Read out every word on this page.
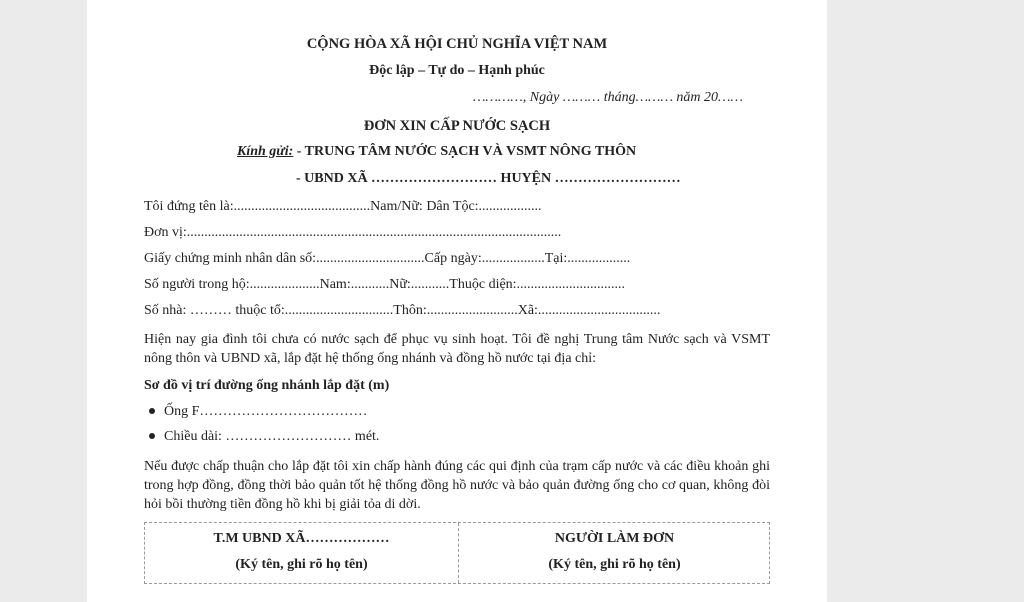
CỘNG HÒA XÃ HỘI CHỦ NGHĨA VIỆT NAM
Độc lập – Tự do – Hạnh phúc
…………, Ngày ……… tháng……… năm 20……
ĐƠN XIN CẤP NƯỚC SẠCH
Kính gửi: - TRUNG TÂM NƯỚC SẠCH VÀ VSMT NÔNG THÔN
- UBND XÃ ……………………… HUYỆN ………………………
Tôi đứng tên là:.......................................Nam/Nữ: Dân Tộc:..................
Đơn vị:...........................................................................................................
Giấy chứng minh nhân dân số:...............................Cấp ngày:..................Tại:..................
Số người trong hộ:....................Nam:...........Nữ:...........Thuộc diện:...............................
Số nhà: ……… thuộc tổ:...............................Thôn:..........................Xã:...................................
Hiện nay gia đình tôi chưa có nước sạch để phục vụ sinh hoạt. Tôi đề nghị Trung tâm Nước sạch và VSMT nông thôn và UBND xã, lắp đặt hệ thống ống nhánh và đồng hồ nước tại địa chỉ:
Sơ đồ vị trí đường ống nhánh lắp đặt (m)
Ống F………………………………
Chiều dài: ……………………… mét.
Nếu được chấp thuận cho lắp đặt tôi xin chấp hành đúng các qui định của trạm cấp nước và các điều khoản ghi trong hợp đồng, đồng thời bảo quản tốt hệ thống đồng hồ nước và bảo quản đường ống cho cơ quan, không đòi hỏi bồi thường tiền đồng hồ khi bị giải tỏa di dời.
T.M UBND XÃ………………
(Ký tên, ghi rõ họ tên)
NGƯỜI LÀM ĐƠN
(Ký tên, ghi rõ họ tên)
